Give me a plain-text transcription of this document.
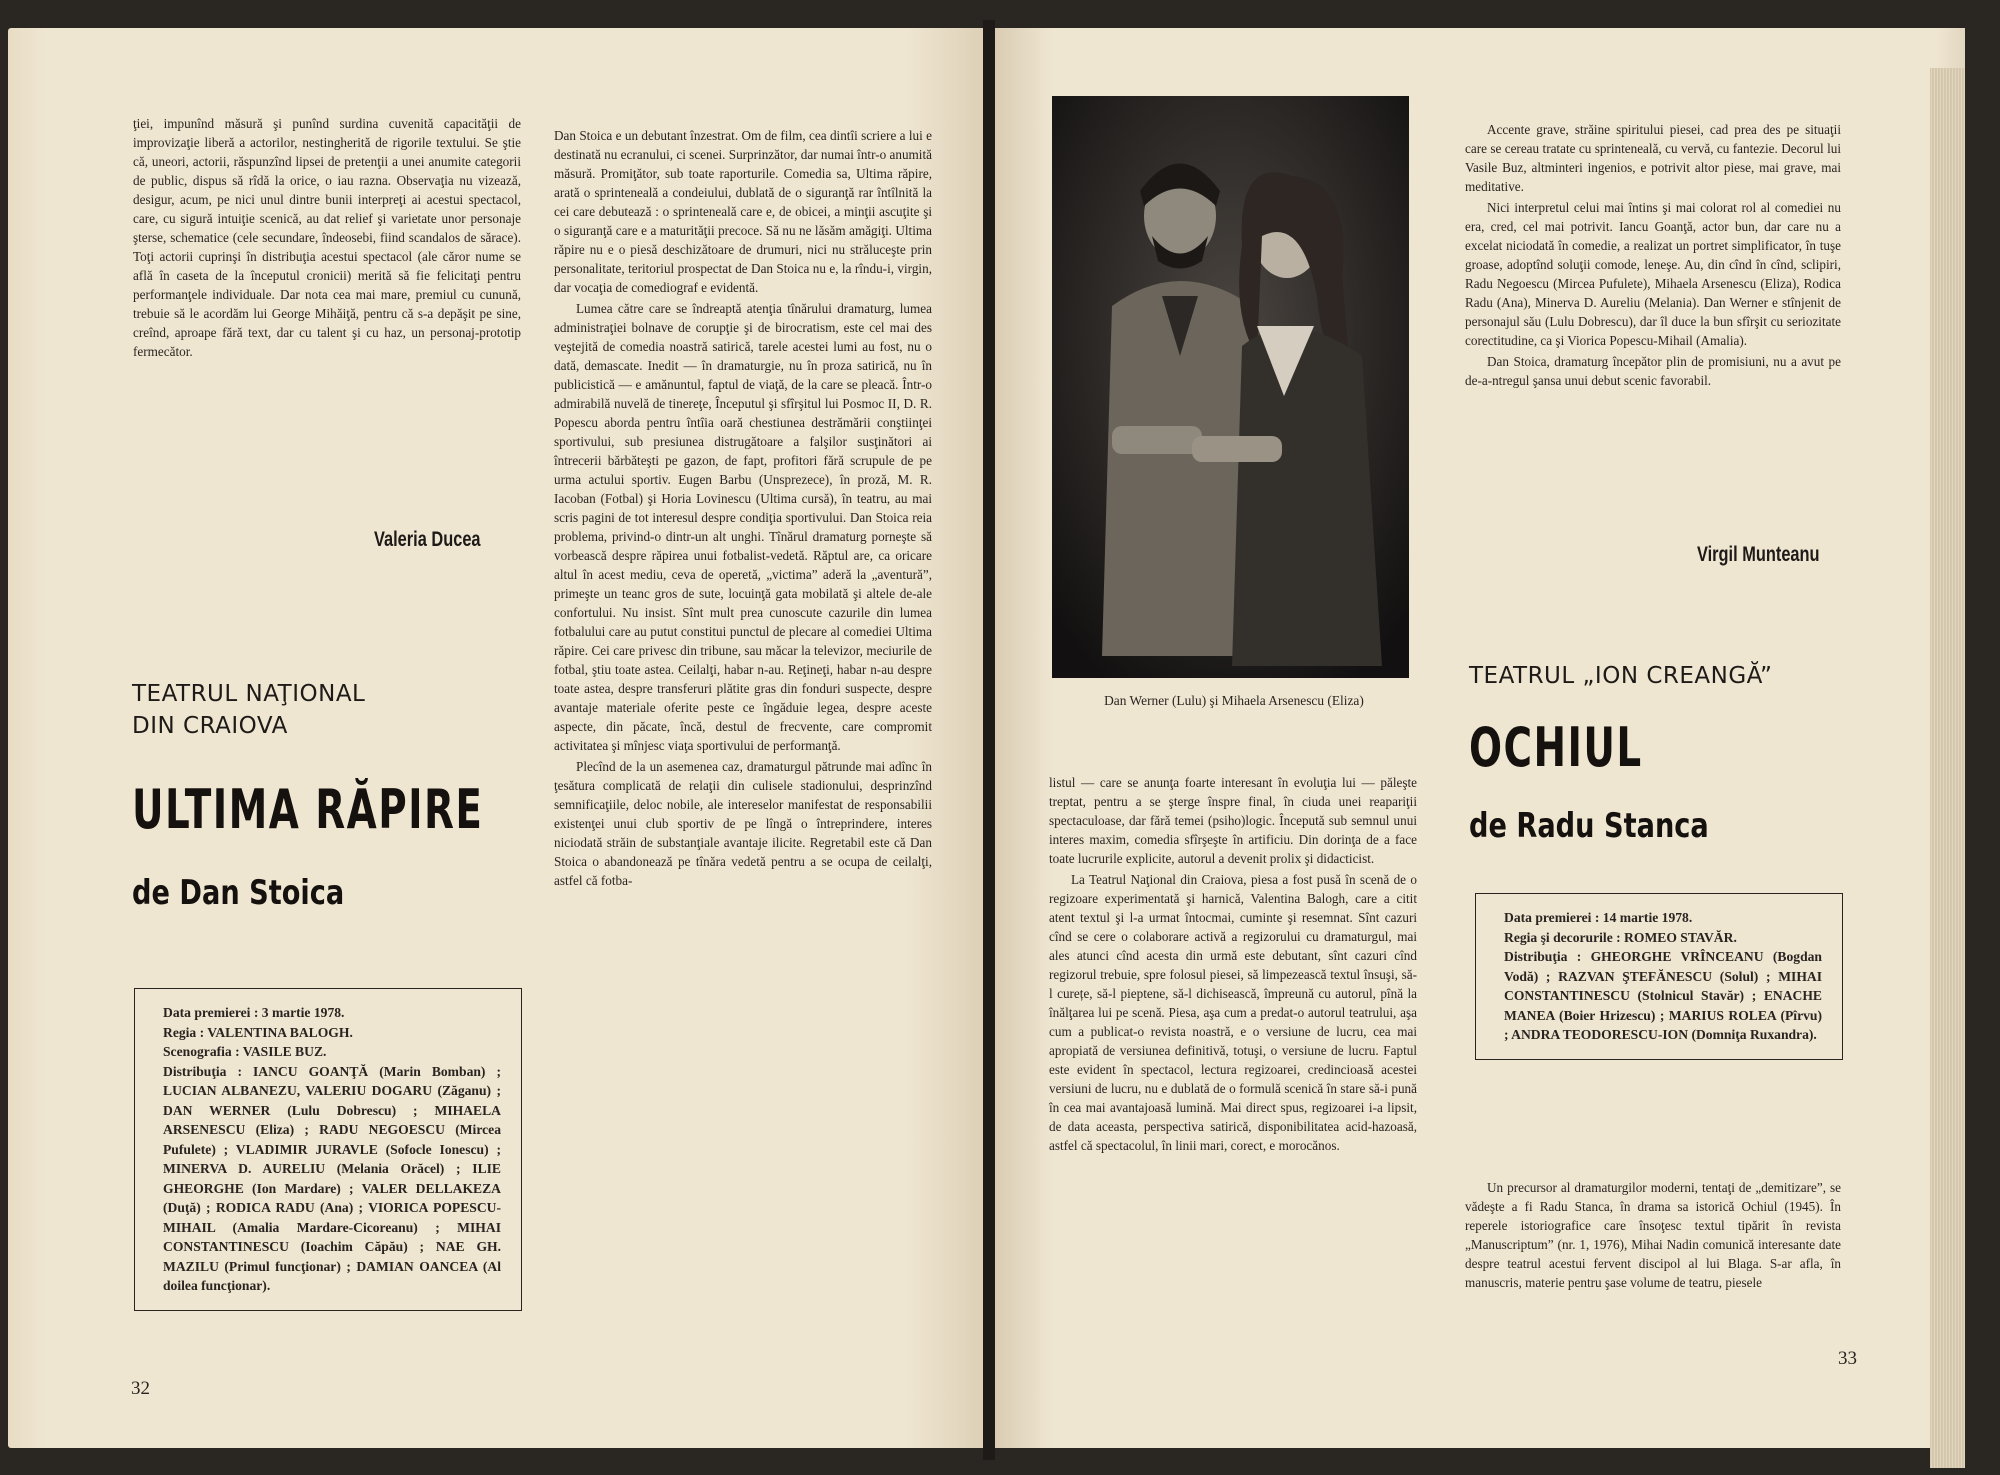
ţiei, impunînd măsură şi punînd surdina cuvenită capacităţii de improvizaţie liberă a actorilor, nestingherită de rigorile textului. Se ştie că, uneori, actorii, răspunzînd lipsei de pretenţii a unei anumite categorii de public, dispus să rîdă la orice, o iau razna. Observaţia nu vizează, desigur, acum, pe nici unul dintre bunii interpreţi ai acestui spectacol, care, cu sigură intuiţie scenică, au dat relief şi varietate unor personaje şterse, schematice (cele secundare, îndeosebi, fiind scandalos de sărace). Toţi actorii cuprinşi în distribuţia acestui spectacol (ale căror nume se află în caseta de la începutul cronicii) merită să fie felicitaţi pentru performanţele individuale. Dar nota cea mai mare, premiul cu cunună, trebuie să le acordăm lui George Mihăiţă, pentru că s-a depăşit pe sine, creînd, aproape fără text, dar cu talent şi cu haz, un personaj-prototip fermecător.

Valeria Ducea
TEATRUL NAŢIONAL
DIN CRAIOVA
ULTIMA RĂPIRE
de Dan Stoica
Data premierei : 3 martie 1978.
Regia : VALENTINA BALOGH.
Scenografia : VASILE BUZ.
Distribuţia : IANCU GOANŢĂ (Marin Bomban) ; LUCIAN ALBANEZU, VALERIU DOGARU (Zăganu) ; DAN WERNER (Lulu Dobrescu) ; MIHAELA ARSENESCU (Eliza) ; RADU NEGOESCU (Mircea Pufulete) ; VLADIMIR JURAVLE (Sofocle Ionescu) ; MINERVA D. AURELIU (Melania Orăcel) ; ILIE GHEORGHE (Ion Mardare) ; VALER DELLAKEZA (Duţă) ; RODICA RADU (Ana) ; VIORICA POPESCU-MIHAIL (Amalia Mardare-Cicoreanu) ; MIHAI CONSTANTINESCU (Ioachim Căpău) ; NAE GH. MAZILU (Primul funcţionar) ; DAMIAN OANCEA (Al doilea funcţionar).

Dan Stoica e un debutant înzestrat. Om de film, cea dintîi scriere a lui e destinată nu ecranului, ci scenei. Surprinzător, dar numai într-o anumită măsură. Promiţător, sub toate raporturile. Comedia sa, Ultima răpire, arată o sprinteneală a condeiului, dublată de o siguranţă rar întîlnită la cei care debutează : o sprinteneală care e, de obicei, a minţii ascuţite şi o siguranţă care e a maturităţii precoce. Să nu ne lăsăm amăgiţi. Ultima răpire nu e o piesă deschizătoare de drumuri, nici nu străluceşte prin personalitate, teritoriul prospectat de Dan Stoica nu e, la rîndu-i, virgin, dar vocaţia de comediograf e evidentă.

Lumea către care se îndreaptă atenţia tînărului dramaturg, lumea administraţiei bolnave de corupţie şi de birocratism, este cel mai des veştejită de comedia noastră satirică, tarele acestei lumi au fost, nu o dată, demascate. Inedit — în dramaturgie, nu în proza satirică, nu în publicistică — e amănuntul, faptul de viaţă, de la care se pleacă. Într-o admirabilă nuvelă de tinereţe, Începutul şi sfîrşitul lui Posmoc II, D. R. Popescu aborda pentru întîia oară chestiunea destrămării conştiinţei sportivului, sub presiunea distrugătoare a falşilor susţinători ai întrecerii bărbăteşti pe gazon, de fapt, profitori fără scrupule de pe urma actului sportiv. Eugen Barbu (Unsprezece), în proză, M. R. Iacoban (Fotbal) şi Horia Lovinescu (Ultima cursă), în teatru, au mai scris pagini de tot interesul despre condiţia sportivului. Dan Stoica reia problema, privind-o dintr-un alt unghi. Tînărul dramaturg porneşte să vorbească despre răpirea unui fotbalist-vedetă. Răptul are, ca oricare altul în acest mediu, ceva de operetă, „victima” aderă la „aventură”, primeşte un teanc gros de sute, locuinţă gata mobilată şi altele de-ale confortului. Nu insist. Sînt mult prea cunoscute cazurile din lumea fotbalului care au putut constitui punctul de plecare al comediei Ultima răpire. Cei care privesc din tribune, sau măcar la televizor, meciurile de fotbal, ştiu toate astea. Ceilalţi, habar n-au. Reţineţi, habar n-au despre toate astea, despre transferuri plătite gras din fonduri suspecte, despre avantaje materiale oferite peste ce îngăduie legea, despre aceste aspecte, din păcate, încă, destul de frecvente, care compromit activitatea şi mînjesc viaţa sportivului de performanţă.

Plecînd de la un asemenea caz, dramaturgul pătrunde mai adînc în ţesătura complicată de relaţii din culisele stadionului, desprinzînd semnificaţiile, deloc nobile, ale intereselor manifestat de responsabilii existenţei unui club sportiv de pe lîngă o întreprindere, interes niciodată străin de substanţiale avantaje ilicite. Regretabil este că Dan Stoica o abandonează pe tînăra vedetă pentru a se ocupa de ceilalţi, astfel că fotba-

32
Dan Werner (Lulu) şi Mihaela Arsenescu (Eliza)

listul — care se anunţa foarte interesant în evoluţia lui — păleşte treptat, pentru a se şterge înspre final, în ciuda unei reapariţii spectaculoase, dar fără temei (psiho)logic. Începută sub semnul unui interes maxim, comedia sfîrşeşte în artificiu. Din dorinţa de a face toate lucrurile explicite, autorul a devenit prolix şi didacticist.

La Teatrul Naţional din Craiova, piesa a fost pusă în scenă de o regizoare experimentată şi harnică, Valentina Balogh, care a citit atent textul şi l-a urmat întocmai, cuminte şi resemnat. Sînt cazuri cînd se cere o colaborare activă a regizorului cu dramaturgul, mai ales atunci cînd acesta din urmă este debutant, sînt cazuri cînd regizorul trebuie, spre folosul piesei, să limpezească textul însuşi, să-l curețe, să-l pieptene, să-l dichisească, împreună cu autorul, pînă la înălţarea lui pe scenă. Piesa, aşa cum a predat-o autorul teatrului, aşa cum a publicat-o revista noastră, e o versiune de lucru, cea mai apropiată de versiunea definitivă, totuşi, o versiune de lucru. Faptul este evident în spectacol, lectura regizoarei, credincioasă acestei versiuni de lucru, nu e dublată de o formulă scenică în stare să-i pună în cea mai avantajoasă lumină. Mai direct spus, regizoarei i-a lipsit, de data aceasta, perspectiva satirică, disponibilitatea acid-hazoasă, astfel că spectacolul, în linii mari, corect, e morocănos.

Accente grave, străine spiritului piesei, cad prea des pe situaţii care se cereau tratate cu sprinteneală, cu vervă, cu fantezie. Decorul lui Vasile Buz, altminteri ingenios, e potrivit altor piese, mai grave, mai meditative.

Nici interpretul celui mai întins şi mai colorat rol al comediei nu era, cred, cel mai potrivit. Iancu Goanţă, actor bun, dar care nu a excelat niciodată în comedie, a realizat un portret simplificator, în tuşe groase, adoptînd soluţii comode, leneşe. Au, din cînd în cînd, sclipiri, Radu Negoescu (Mircea Pufulete), Mihaela Arsenescu (Eliza), Rodica Radu (Ana), Minerva D. Aureliu (Melania). Dan Werner e stînjenit de personajul său (Lulu Dobrescu), dar îl duce la bun sfîrşit cu seriozitate corectitudine, ca şi Viorica Popescu-Mihail (Amalia).

Dan Stoica, dramaturg începător plin de promisiuni, nu a avut pe de-a-ntregul şansa unui debut scenic favorabil.

Virgil Munteanu
TEATRUL „ION CREANGĂ”
OCHIUL
de Radu Stanca
Data premierei : 14 martie 1978.
Regia şi decorurile : ROMEO STAVĂR.
Distribuţia : GHEORGHE VRÎNCEANU (Bogdan Vodă) ; RAZVAN ŞTEFĂNESCU (Solul) ; MIHAI CONSTANTINESCU (Stolnicul Stavăr) ; ENACHE MANEA (Boier Hrizescu) ; MARIUS ROLEA (Pîrvu) ; ANDRA TEODORESCU-ION (Domniţa Ruxandra).

Un precursor al dramaturgilor moderni, tentaţi de „demitizare”, se vădeşte a fi Radu Stanca, în drama sa istorică Ochiul (1945). În reperele istoriografice care însoţesc textul tipărit în revista „Manuscriptum” (nr. 1, 1976), Mihai Nadin comunică interesante date despre teatrul acestui fervent discipol al lui Blaga. S-ar afla, în manuscris, materie pentru şase volume de teatru, piesele

33
